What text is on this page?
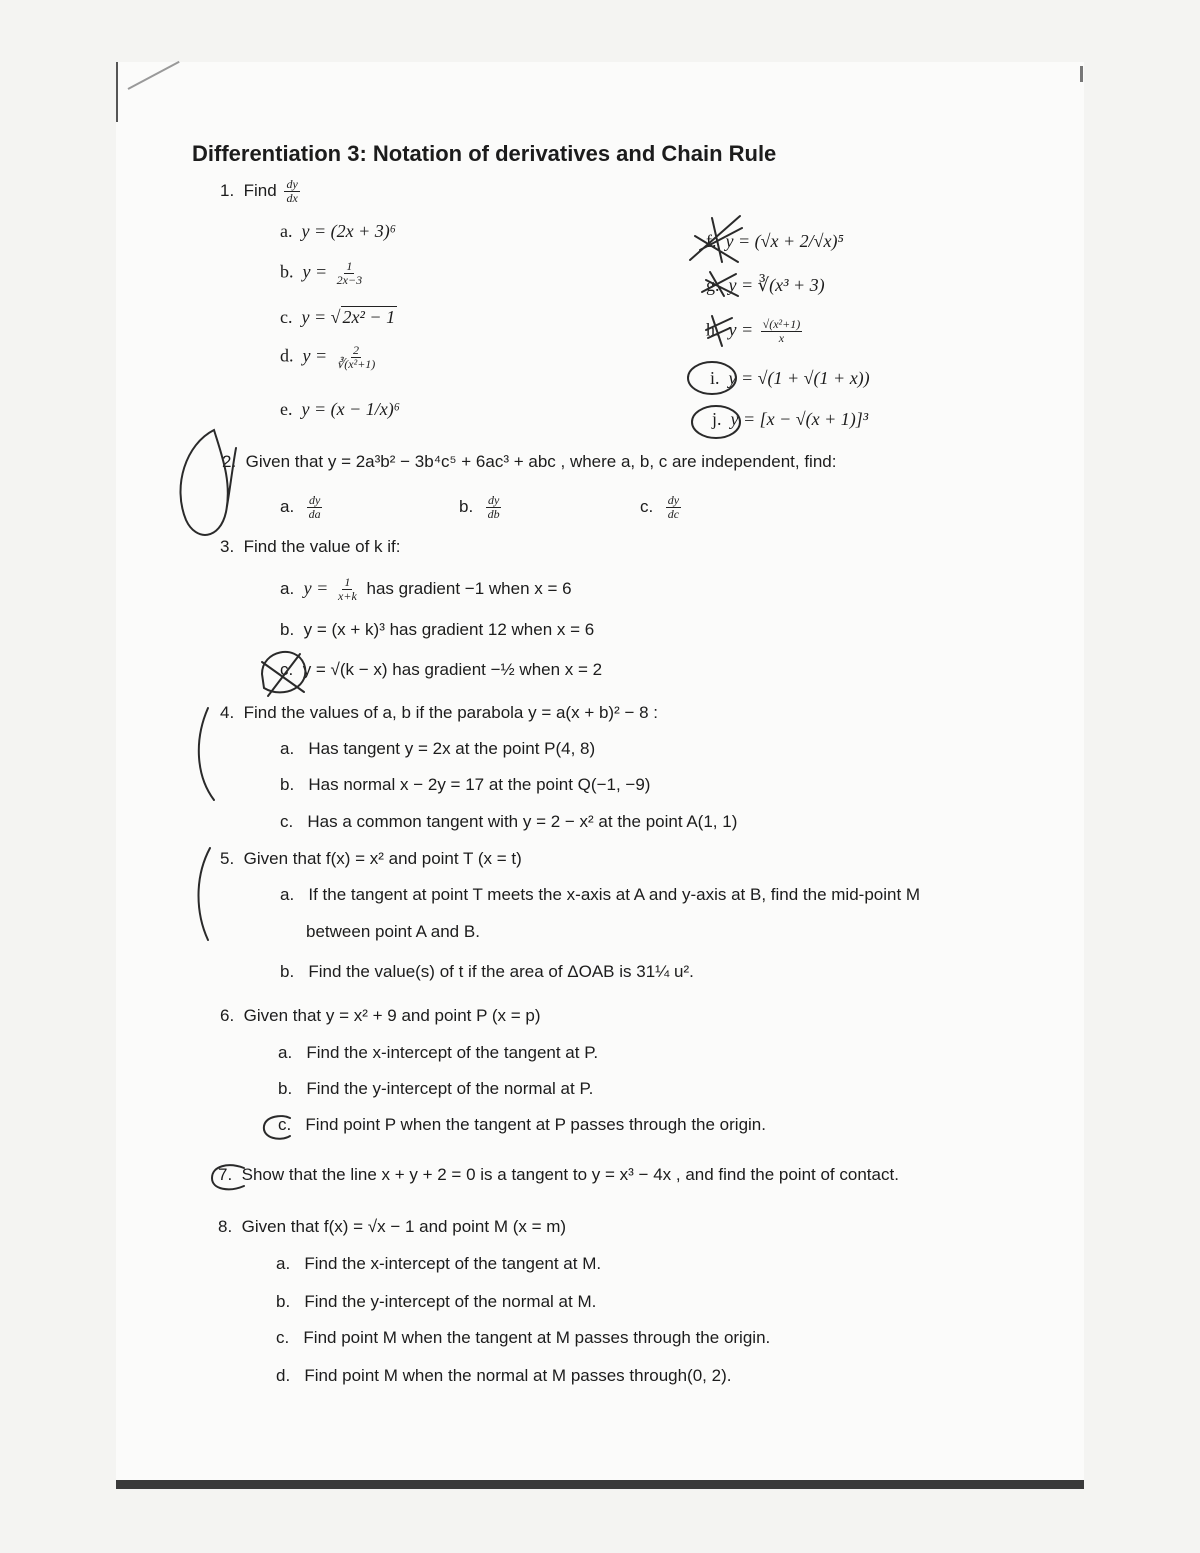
Differentiation 3: Notation of derivatives and Chain Rule
1. Find $\frac{dy}{dx}$
a. y = (2x + 3)⁶
b. $y = \frac{1}{2x-3}$
c. y = √ 2x² − 1
d. $y = \frac{2}{\text{∛(x²+1)}}$
e. y = (x − 1/x)⁶
f. y = (√x + 2/√x)⁵
g. y = ∛(x³ + 3)
h. $y = \frac{\text{√(x²+1)}}{x}$
i. y = √(1 + √(1 + x))
j. y = [x − √(x + 1)]³
2. Given that y = 2a³b² − 3b⁴c⁵ + 6ac³ + abc , where a, b, c are independent, find:
a. $\frac{dy}{da}$	b. $\frac{dy}{db}$	c. $\frac{dy}{dc}$
3. Find the value of k if:
a. $y = \frac{1}{x+k}$ has gradient −1 when x = 6
b. y = (x + k)³ has gradient 12 when x = 6
c. y = √(k − x) has gradient −½ when x = 2
4. Find the values of a, b if the parabola y = a(x + b)² − 8 :
a. Has tangent y = 2x at the point P(4, 8)
b. Has normal x − 2y = 17 at the point Q(−1, −9)
c. Has a common tangent with y = 2 − x² at the point A(1, 1)
5. Given that f(x) = x² and point T (x = t)
a. If the tangent at point T meets the x-axis at A and y-axis at B, find the mid-point M
between point A and B.
b. Find the value(s) of t if the area of ΔOAB is 31¼ u².
6. Given that y = x² + 9 and point P (x = p)
a. Find the x-intercept of the tangent at P.
b. Find the y-intercept of the normal at P.
c. Find point P when the tangent at P passes through the origin.
7. Show that the line x + y + 2 = 0 is a tangent to y = x³ − 4x , and find the point of contact.
8. Given that f(x) = √x − 1 and point M (x = m)
a. Find the x-intercept of the tangent at M.
b. Find the y-intercept of the normal at M.
c. Find point M when the tangent at M passes through the origin.
d. Find point M when the normal at M passes through(0, 2).
